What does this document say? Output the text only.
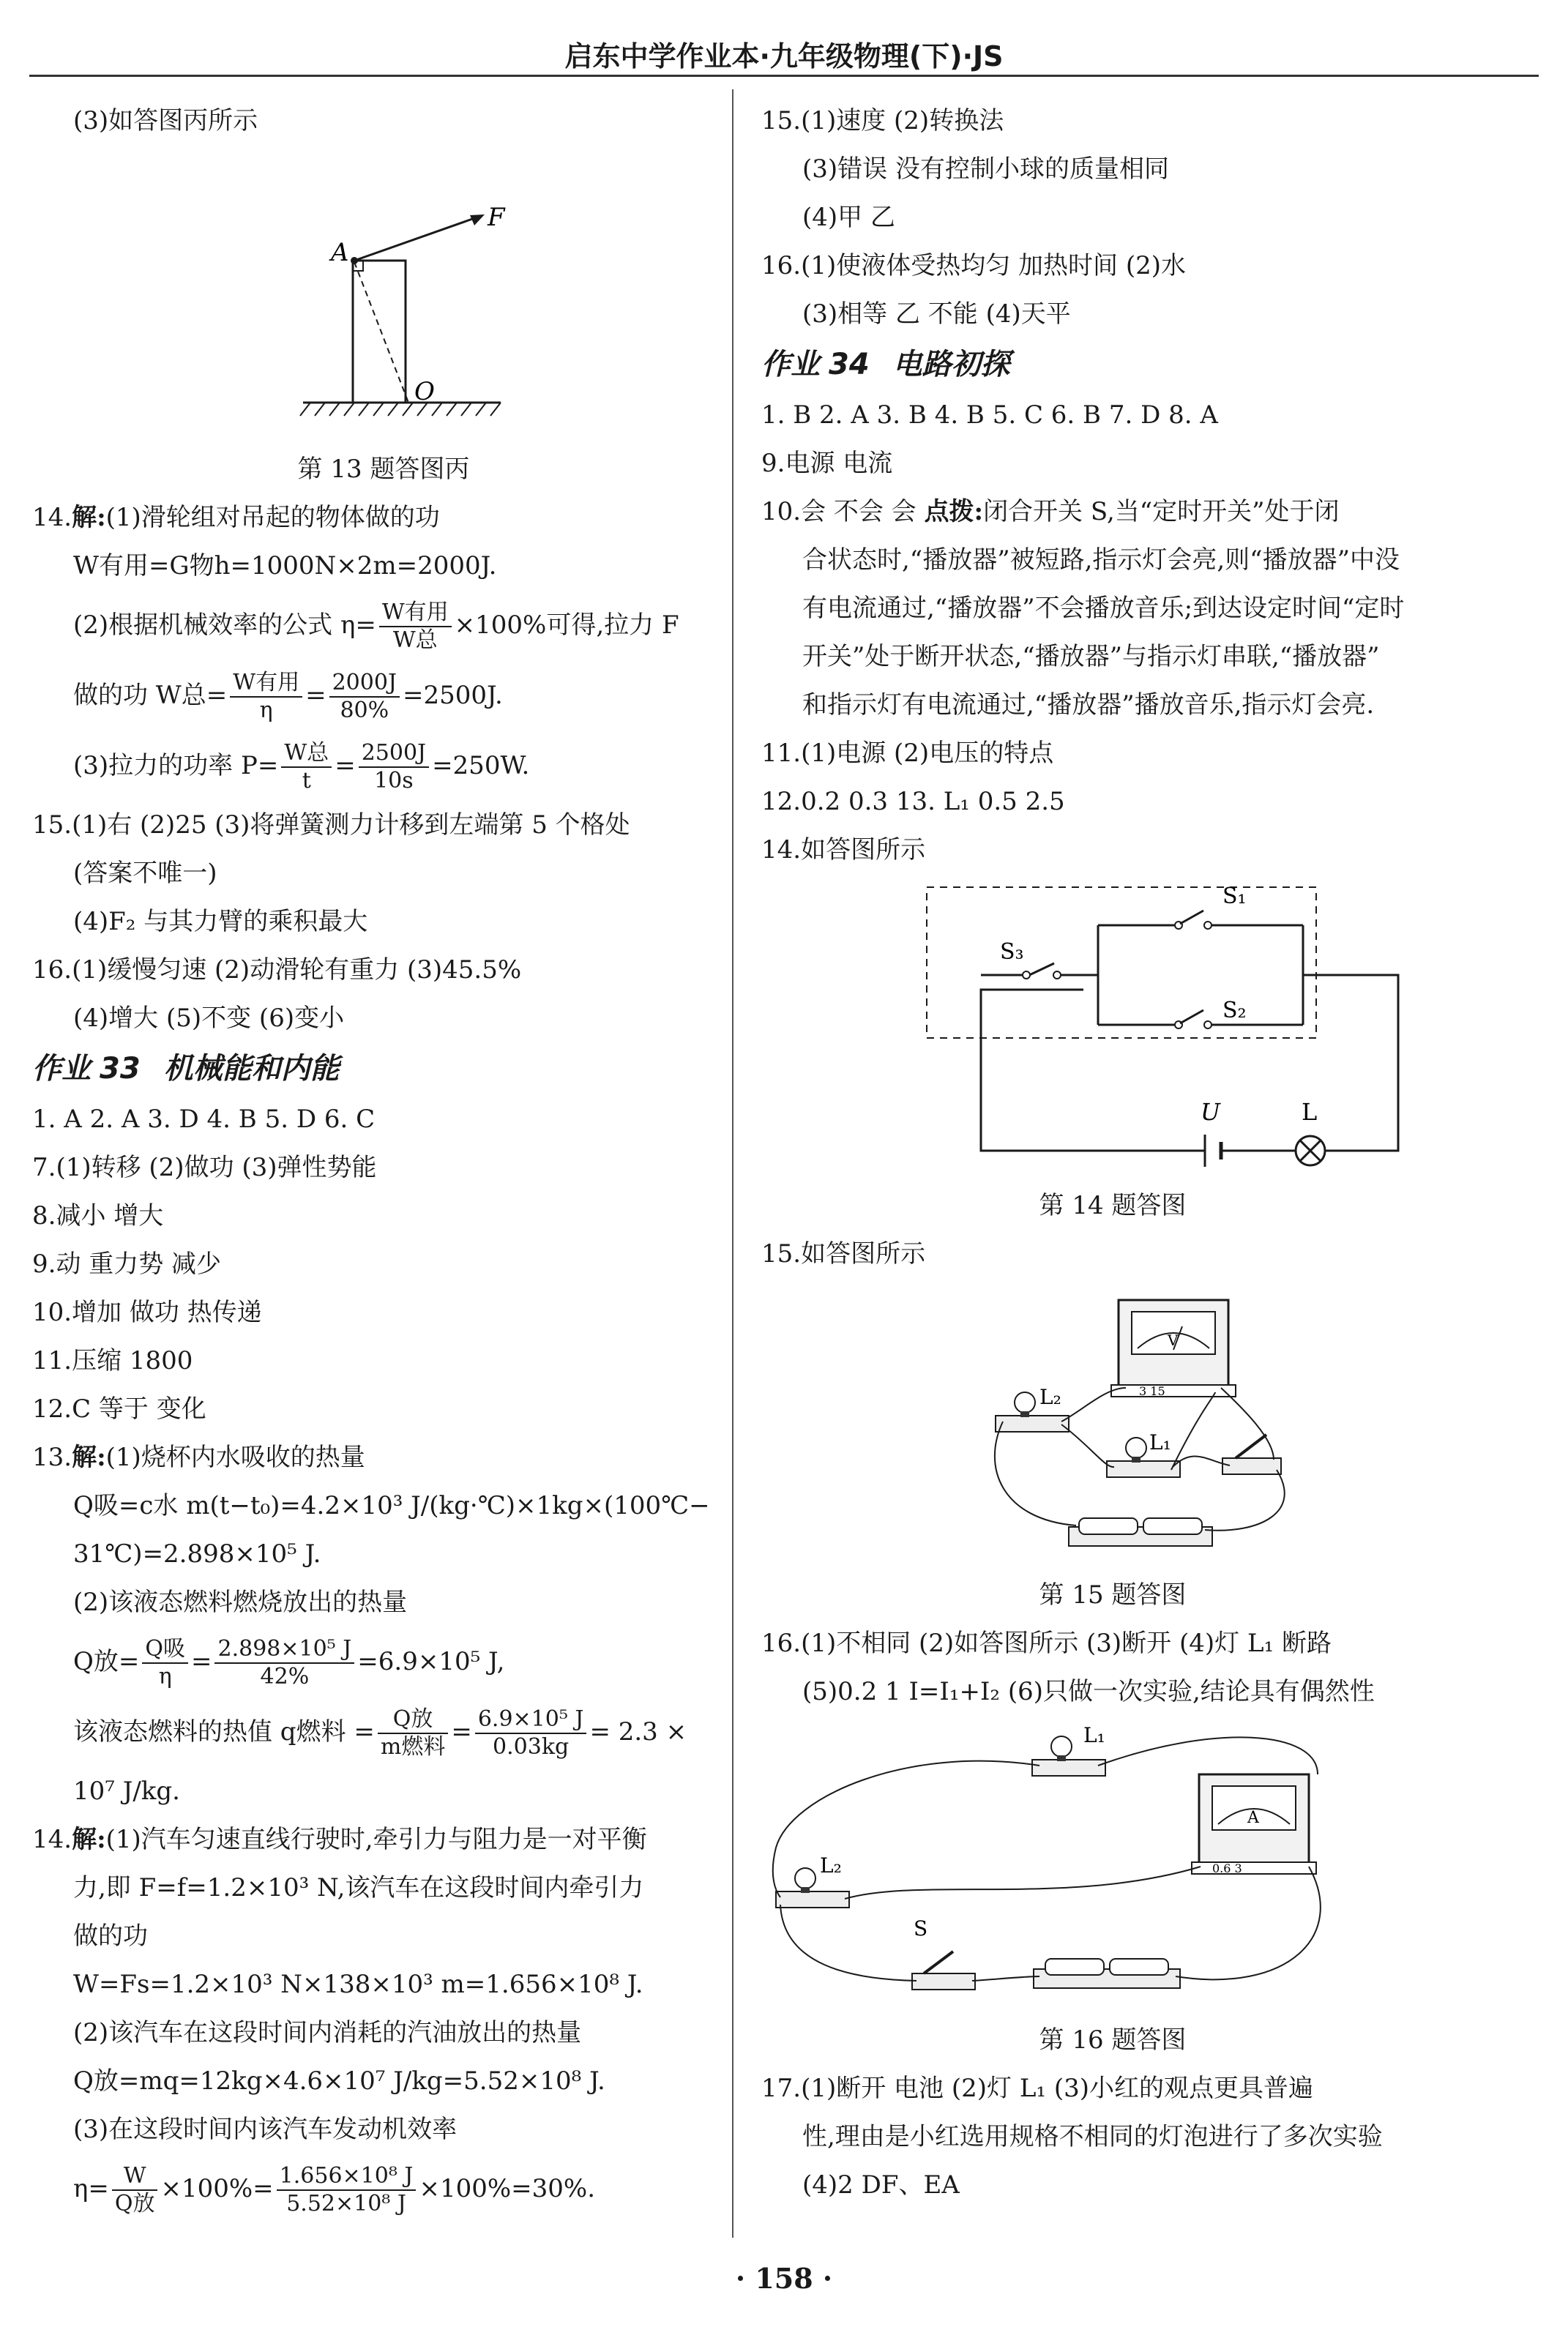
启东中学作业本·九年级物理(下)·JS
(3)如答图丙所示
A
F
O
第 13 题答图丙
14.解:(1)滑轮组对吊起的物体做的功
W有用=G物h=1000N×2m=2000J.
(2)根据机械效率的公式 $\eta= \frac{\text{W有用}}{\text{W总}} \times 100\%$可得,拉力 F
做的功 W总= $\frac{\text{W有用}}{\eta} = \frac{2000J}{80\%} =2500J$.
(3)拉力的功率 $P= \frac{\text{W总}}{t} = \frac{2500J}{10s} =250W$.
15.(1)右 (2)25 (3)将弹簧测力计移到左端第 5 个格处
(答案不唯一)
(4)F₂ 与其力臂的乘积最大
16.(1)缓慢匀速 (2)动滑轮有重力 (3)45.5%
(4)增大 (5)不变 (6)变小
作业 33 机械能和内能
1. A 2. A 3. D 4. B 5. D 6. C
7.(1)转移 (2)做功 (3)弹性势能
8.减小 增大
9.动 重力势 减少
10.增加 做功 热传递
11.压缩 1800
12.C 等于 变化
13.解:(1)烧杯内水吸收的热量
Q吸=c水 m(t−t₀)=4.2×10³ J/(kg·℃)×1kg×(100℃−
31℃)=2.898×10⁵ J.
(2)该液态燃料燃烧放出的热量
Q放= $\frac{\text{Q吸}}{\eta} = \frac{\text{2.898×10⁵ J}}{42\%} =6.9\times 10^5$ J,
该液态燃料的热值 q燃料 = $\frac{\text{Q放}}{\text{m燃料}} = \frac{\text{6.9×10⁵ J}}{0.03kg} = 2.3$ ×
10⁷ J/kg.
14.解:(1)汽车匀速直线行驶时,牵引力与阻力是一对平衡
力,即 F=f=1.2×10³ N,该汽车在这段时间内牵引力
做的功
W=Fs=1.2×10³ N×138×10³ m=1.656×10⁸ J.
(2)该汽车在这段时间内消耗的汽油放出的热量
Q放=mq=12kg×4.6×10⁷ J/kg=5.52×10⁸ J.
(3)在这段时间内该汽车发动机效率
$\eta= \frac{W}{\text{Q放}} \times 100\%= \frac{\text{1.656×10⁸ J}}{\text{5.52×10⁸ J}} \times 100\%=30\%$.
15.(1)速度 (2)转换法
(3)错误 没有控制小球的质量相同
(4)甲 乙
16.(1)使液体受热均匀 加热时间 (2)水
(3)相等 乙 不能 (4)天平
作业 34 电路初探
1. B 2. A 3. B 4. B 5. C 6. B 7. D 8. A
9.电源 电流
10.会 不会 会 点拨:闭合开关 S,当“定时开关”处于闭
合状态时,“播放器”被短路,指示灯会亮,则“播放器”中没
有电流通过,“播放器”不会播放音乐;到达设定时间“定时
开关”处于断开状态,“播放器”与指示灯串联,“播放器”
和指示灯有电流通过,“播放器”播放音乐,指示灯会亮.
11.(1)电源 (2)电压的特点
12.0.2 0.3 13. L₁ 0.5 2.5
14.如答图所示
S₁
S₂
S₃
U	L
第 14 题答图
15.如答图所示
V
3 15
L₂
L₁
第 15 题答图
16.(1)不相同 (2)如答图所示 (3)断开 (4)灯 L₁ 断路
(5)0.2 1 I=I₁+I₂ (6)只做一次实验,结论具有偶然性
L₁
A
0.6 3
L₂
S
第 16 题答图
17.(1)断开 电池 (2)灯 L₁ (3)小红的观点更具普遍
性,理由是小红选用规格不相同的灯泡进行了多次实验
(4)2 DF、EA
· 158 ·
